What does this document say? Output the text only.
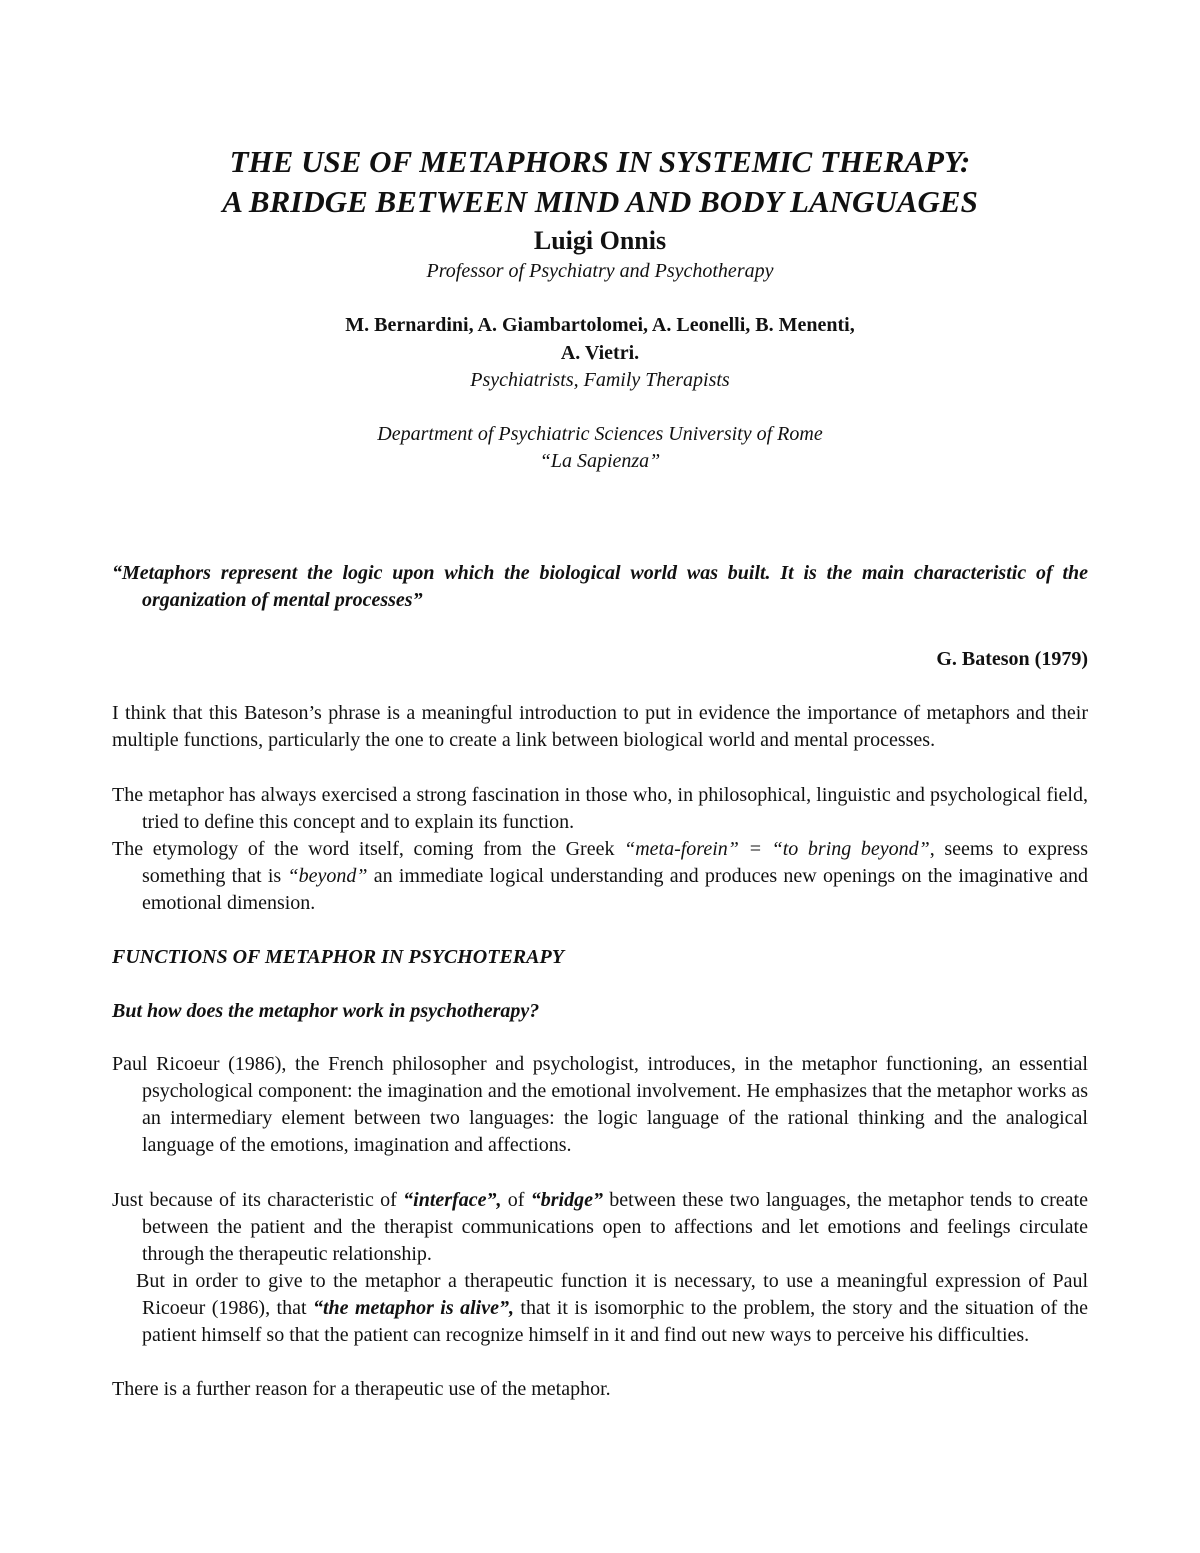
THE USE OF METAPHORS IN SYSTEMIC THERAPY:
A BRIDGE BETWEEN MIND AND BODY LANGUAGES
Luigi Onnis
Professor of Psychiatry and Psychotherapy
M. Bernardini, A. Giambartolomei, A. Leonelli, B. Menenti,
A. Vietri.
Psychiatrists, Family Therapists
Department of Psychiatric Sciences University of Rome
“La Sapienza”
“Metaphors represent the logic upon which the biological world was built. It is the main characteristic of the organization of mental processes”
G. Bateson (1979)
I think that this Bateson’s phrase is a meaningful introduction to put in evidence the importance of metaphors and their multiple functions, particularly the one to create a link between biological world and mental processes.
The metaphor has always exercised a strong fascination in those who, in philosophical, linguistic and psychological field, tried to define this concept and to explain its function.
The etymology of the word itself, coming from the Greek “meta-forein” = “to bring beyond”, seems to express something that is “beyond” an immediate logical understanding and produces new openings on the imaginative and emotional dimension.
FUNCTIONS OF METAPHOR IN PSYCHOTERAPY
But how does the metaphor work in psychotherapy?
Paul Ricoeur (1986), the French philosopher and psychologist, introduces, in the metaphor functioning, an essential psychological component: the imagination and the emotional involvement. He emphasizes that the metaphor works as an intermediary element between two languages: the logic language of the rational thinking and the analogical language of the emotions, imagination and affections.
Just because of its characteristic of “interface”, of “bridge” between these two languages, the metaphor tends to create between the patient and the therapist communications open to affections and let emotions and feelings circulate through the therapeutic relationship.
But in order to give to the metaphor a therapeutic function it is necessary, to use a meaningful expression of Paul Ricoeur (1986), that “the metaphor is alive”, that it is isomorphic to the problem, the story and the situation of the patient himself so that the patient can recognize himself in it and find out new ways to perceive his difficulties.
There is a further reason for a therapeutic use of the metaphor.
